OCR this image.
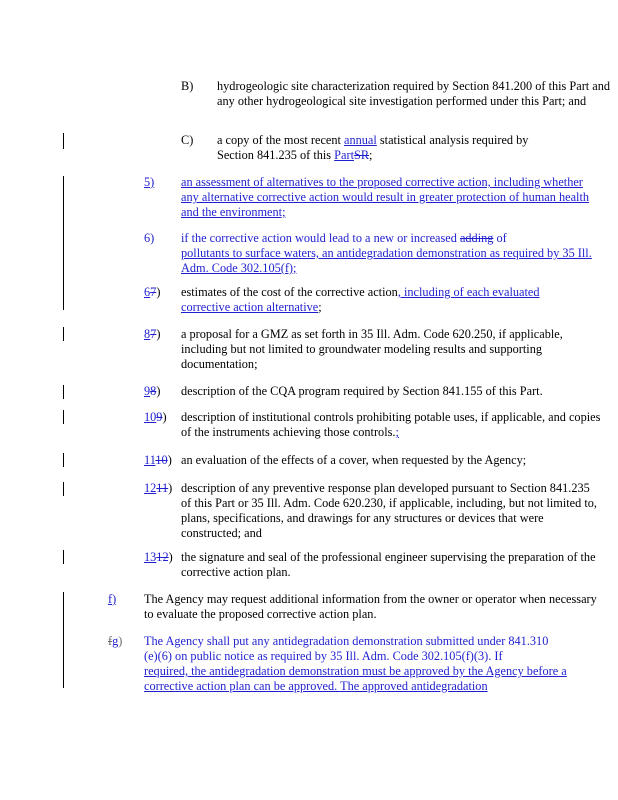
B) hydrogeologic site characterization required by Section 841.200 of this Part and any other hydrogeological site investigation performed under this Part; and
C) a copy of the most recent annual statistical analysis required by Section 841.235 of this PartSR;
5) an assessment of alternatives to the proposed corrective action, including whether any alternative corrective action would result in greater protection of human health and the environment;
6) if the corrective action would lead to a new or increased adding of
pollutants to surface waters, an antidegradation demonstration as required by 35 Ill. Adm. Code 302.105(f);
67) estimates of the cost of the corrective action, including of each evaluated corrective action alternative;
87) a proposal for a GMZ as set forth in 35 Ill. Adm. Code 620.250, if applicable, including but not limited to groundwater modeling results and supporting documentation;
98) description of the CQA program required by Section 841.155 of this Part.
109) description of institutional controls prohibiting potable uses, if applicable, and copies of the instruments achieving those controls.;
1110) an evaluation of the effects of a cover, when requested by the Agency;
1211) description of any preventive response plan developed pursuant to Section 841.235 of this Part or 35 Ill. Adm. Code 620.230, if applicable, including, but not limited to, plans, specifications, and drawings for any structures or devices that were constructed; and
1312) the signature and seal of the professional engineer supervising the preparation of the corrective action plan.
f)	The Agency may request additional information from the owner or operator when necessary to evaluate the proposed corrective action plan.
fg) The Agency shall put any antidegradation demonstration submitted under 841.310
(e)(6) on public notice as required by 35 Ill. Adm. Code 302.105(f)(3). If
required, the antidegradation demonstration must be approved by the Agency before a corrective action plan can be approved. The approved antidegradation
